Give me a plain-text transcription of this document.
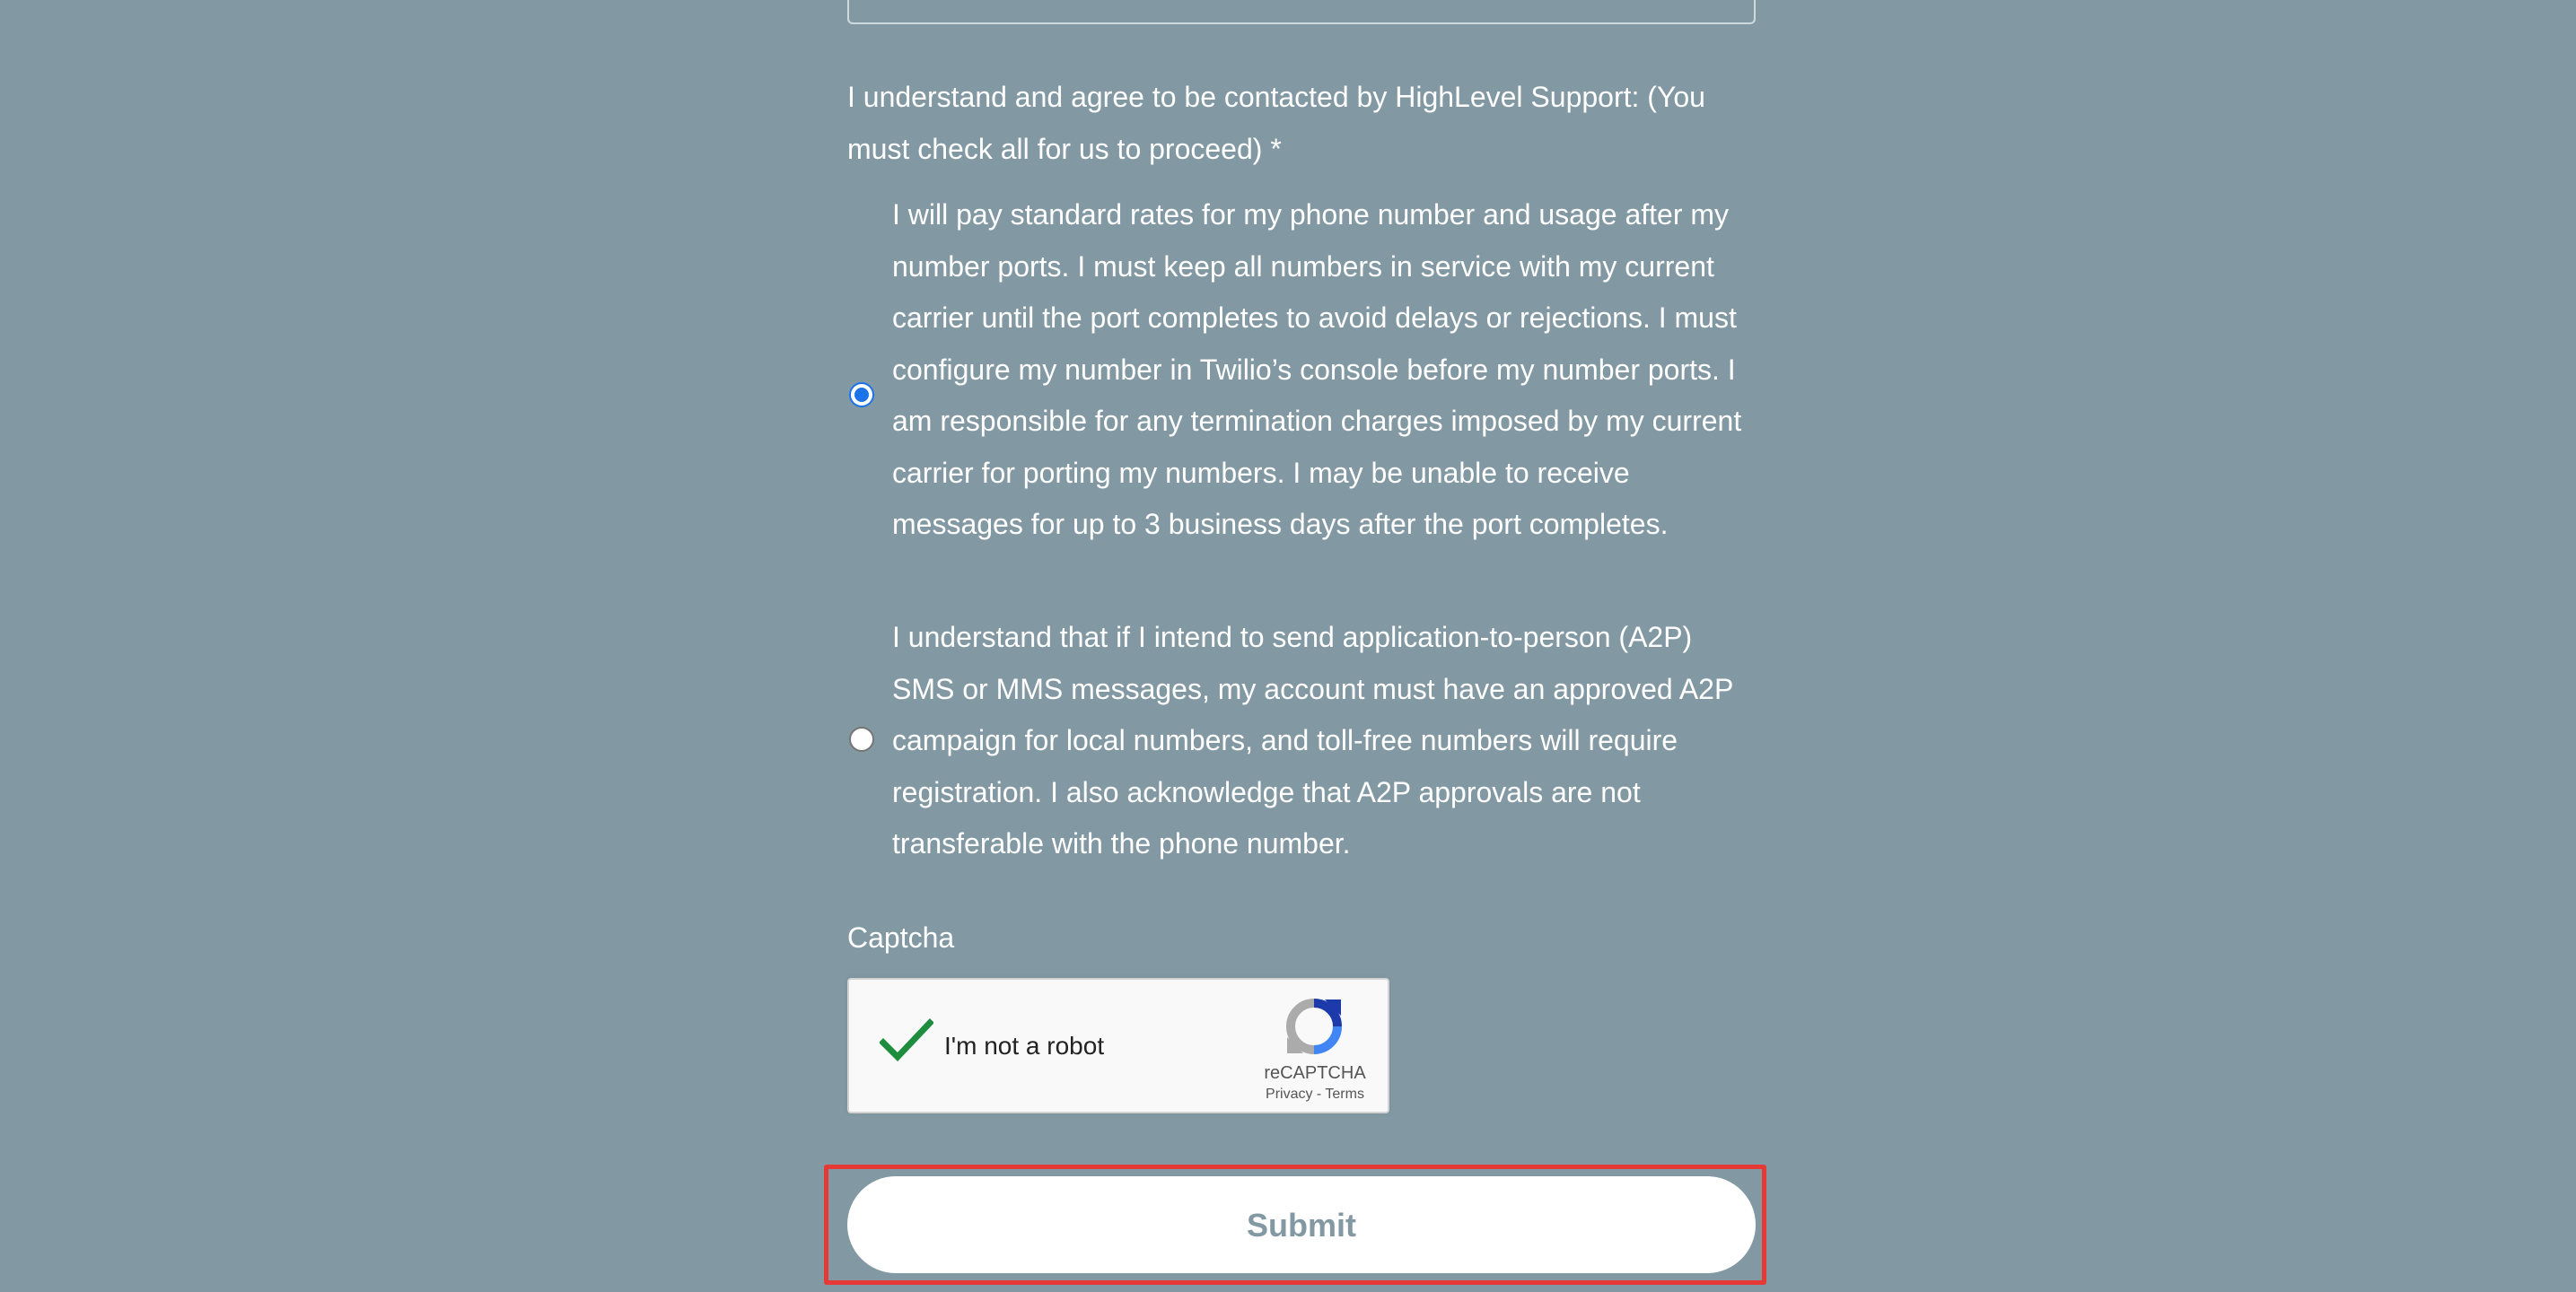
I understand and agree to be contacted by HighLevel Support: (You must check all for us to proceed) *
I will pay standard rates for my phone number and usage after my number ports. I must keep all numbers in service with my current carrier until the port completes to avoid delays or rejections. I must configure my number in Twilio’s console before my number ports. I am responsible for any termination charges imposed by my current carrier for porting my numbers. I may be unable to receive messages for up to 3 business days after the port completes.
I understand that if I intend to send application-to-person (A2P) SMS or MMS messages, my account must have an approved A2P campaign for local numbers, and toll-free numbers will require registration. I also acknowledge that A2P approvals are not transferable with the phone number.
Captcha
I'm not a robot
reCAPTCHA
Privacy - Terms
Submit
